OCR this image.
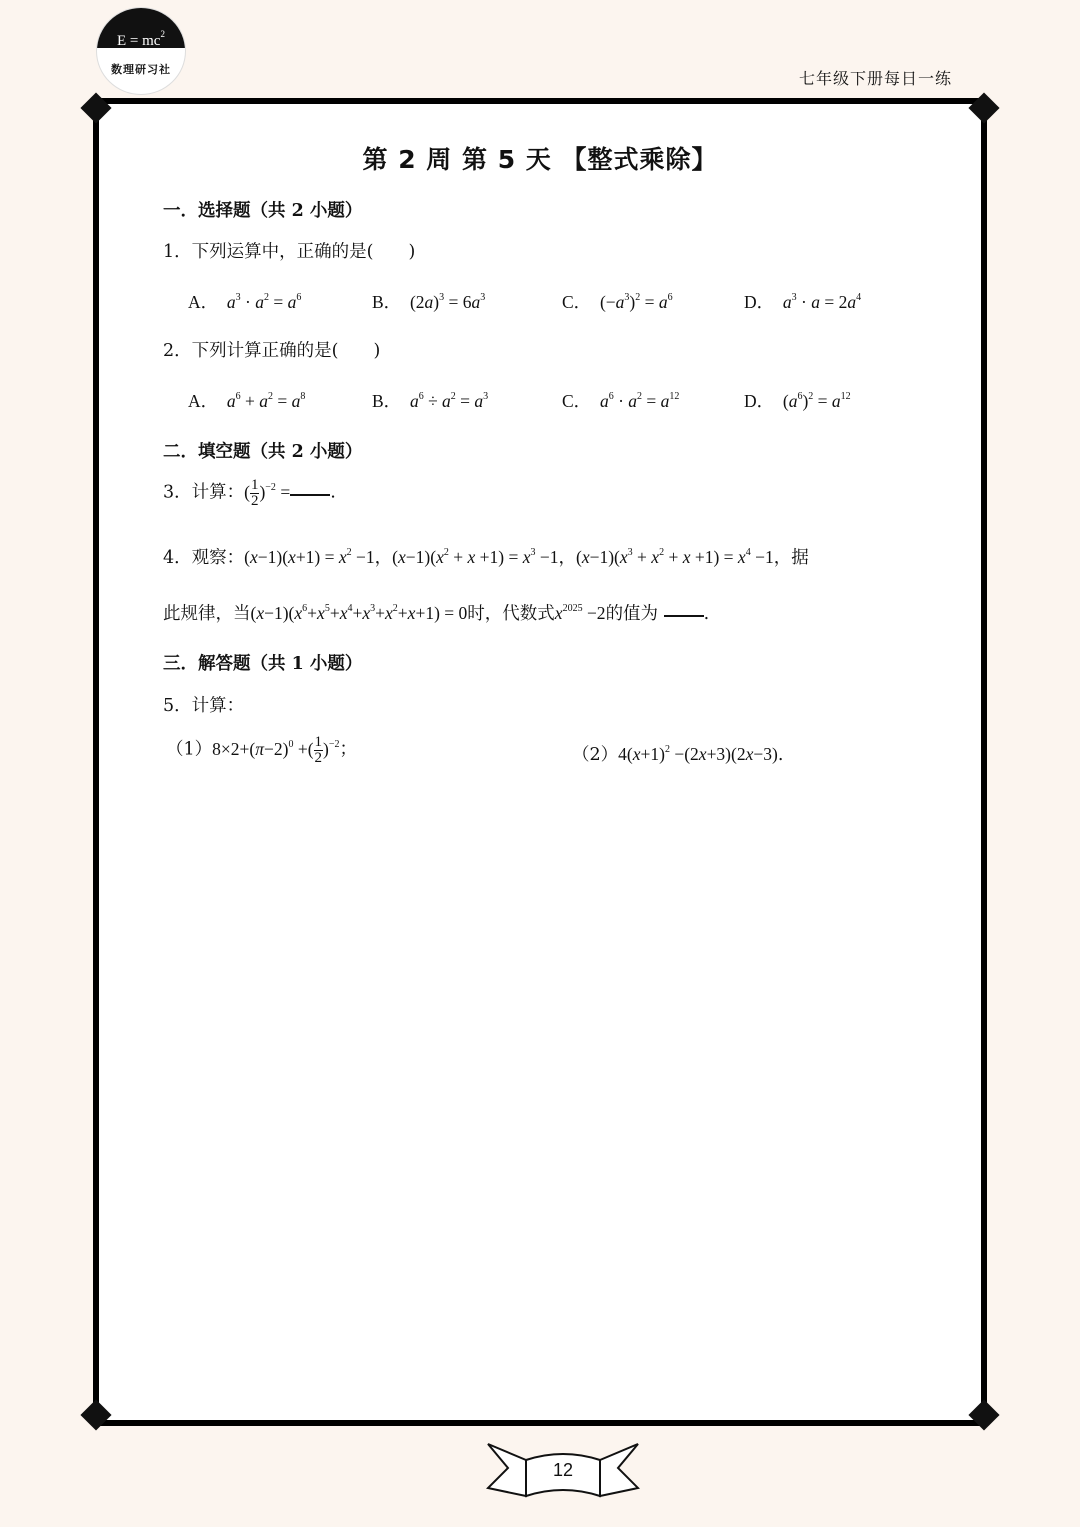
$E = mc^2$
数理研习社	七年级下册每日一练
第 2 周 第 5 天 【整式乘除】
一．选择题（共 2 小题）
1．下列运算中，正确的是(　　)
A． $a^3 \cdot a^2 = a^6$	B． $(2a)^3 = 6a^3$	C． $(-a^3)^2 = a^6$	D． $a^3 \cdot a = 2a^4$
2．下列计算正确的是(　　)
A． $a^6 + a^2 = a^8$	B． $a^6 \div a^2 = a^3$	C． $a^6 \cdot a^2 = a^{12}$	D． $(a^6)^2 = a^{12}$
二．填空题（共 2 小题）
3．计算：( $\frac{1}{2} )^{-2}$ = .
4．观察：$(x-1)(x+1) = x^2 -1$，$(x-1)(x^2 + x +1) = x^3 -1$，$(x-1)(x^3 + x^2 + x +1) = x^4 -1$，据
此规律，当$(x-1)(x^6+x^5+x^4+x^3+x^2+x+1) = 0$时，代数式$x^{2025} -2$的值为	.
三．解答题（共 1 小题）
5．计算：
$(1)8\times 2+(\pi-2)^0$ +( $\frac{1}{2} )^{-2}$；	$(2)4(x+1)^2 -(2x+3)(2x-3)$.
12
